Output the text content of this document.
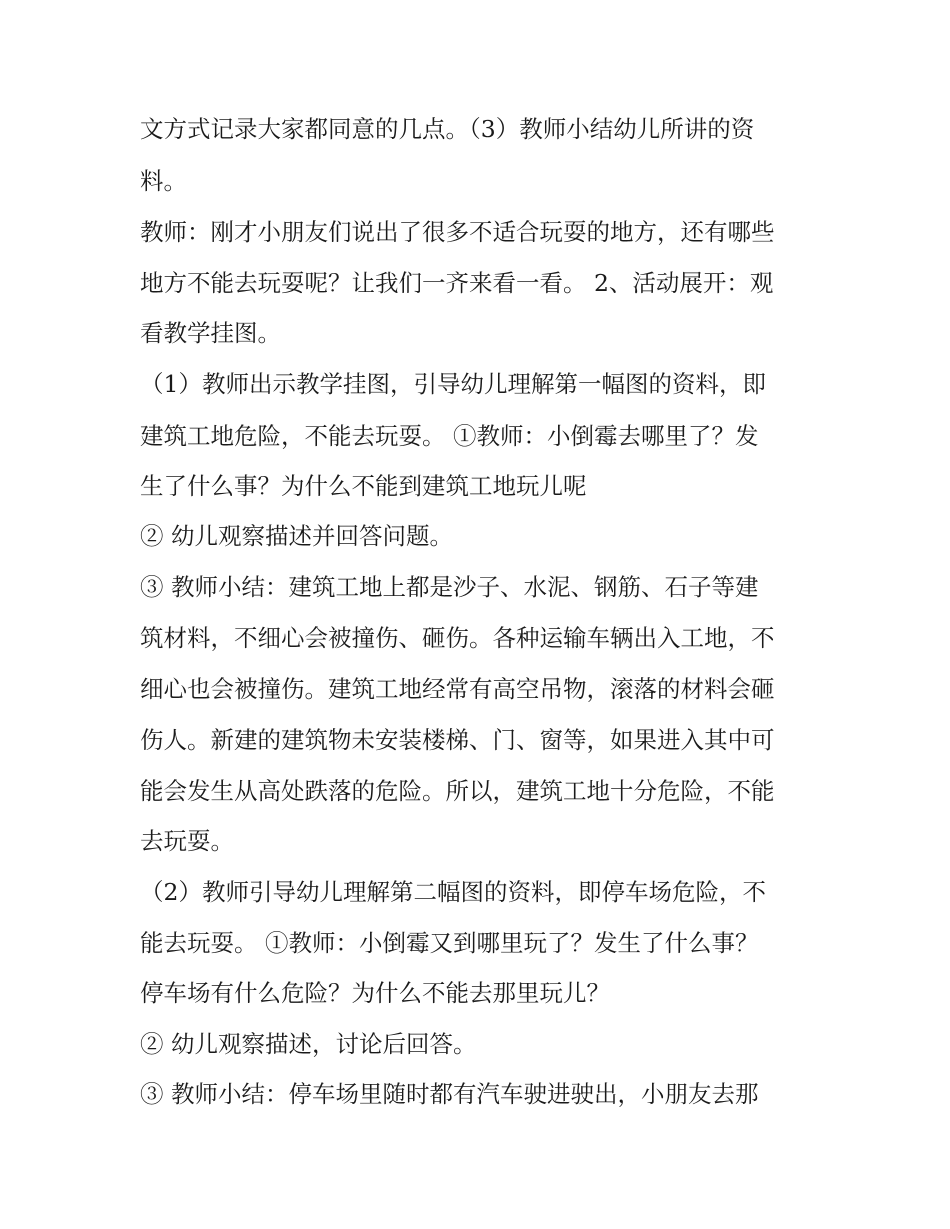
文方式记录大家都同意的几点。（3）教师小结幼儿所讲的资
料。
教师：刚才小朋友们说出了很多不适合玩耍的地方，还有哪些
地方不能去玩耍呢？让我们一齐来看一看。 2、活动展开：观
看教学挂图。
（1）教师出示教学挂图，引导幼儿理解第一幅图的资料，即
建筑工地危险，不能去玩耍。 ①教师：小倒霉去哪里了？发
生了什么事？为什么不能到建筑工地玩儿呢
② 幼儿观察描述并回答问题。
③ 教师小结：建筑工地上都是沙子、水泥、钢筋、石子等建
筑材料，不细心会被撞伤、砸伤。各种运输车辆出入工地，不
细心也会被撞伤。建筑工地经常有高空吊物，滚落的材料会砸
伤人。新建的建筑物未安装楼梯、门、窗等，如果进入其中可
能会发生从高处跌落的危险。所以，建筑工地十分危险，不能
去玩耍。
（2）教师引导幼儿理解第二幅图的资料，即停车场危险，不
能去玩耍。 ①教师：小倒霉又到哪里玩了？发生了什么事？
停车场有什么危险？为什么不能去那里玩儿？
② 幼儿观察描述，讨论后回答。
③ 教师小结：停车场里随时都有汽车驶进驶出，小朋友去那
